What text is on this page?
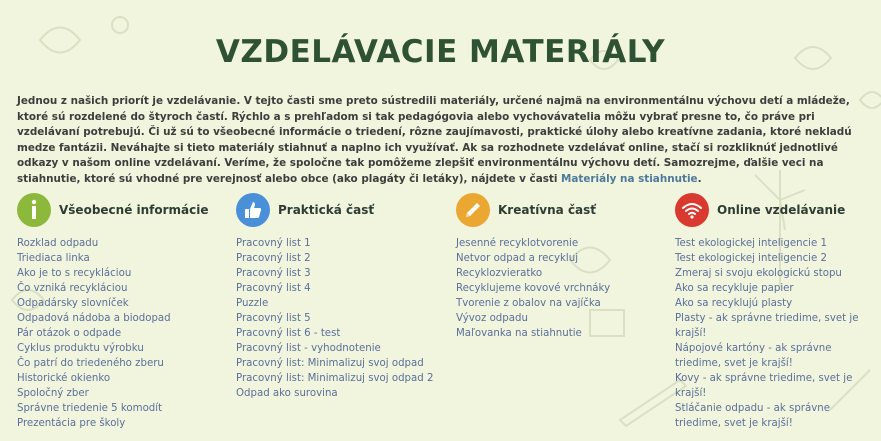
VZDELÁVACIE MATERIÁLY

Jednou z našich priorít je vzdelávanie. V tejto časti sme preto sústredili materiály, určené najmä na environmentálnu výchovu detí a mládeže, ktoré sú rozdelené do štyroch častí. Rýchlo a s prehľadom si tak pedagógovia alebo vychovávatelia môžu vybrať presne to, čo práve pri vzdelávaní potrebujú. Či už sú to všeobecné informácie o triedení, rôzne zaujímavosti, praktické úlohy alebo kreatívne zadania, ktoré nekladú medze fantázii. Neváhajte si tieto materiály stiahnuť a naplno ich využívať. Ak sa rozhodnete vzdelávať online, stačí si rozkliknúť jednotlivé odkazy v našom online vzdelávaní. Veríme, že spoločne tak pomôžeme zlepšiť environmentálnu výchovu detí. Samozrejme, ďalšie veci na stiahnutie, ktoré sú vhodné pre verejnosť alebo obce (ako plagáty či letáky), nájdete v časti Materiály na stiahnutie.

Všeobecné informácie
Rozklad odpadu
Triediaca linka
Ako je to s recykláciou
Čo vzniká recykláciou
Odpadársky slovníček
Odpadová nádoba a biodopad
Pár otázok o odpade
Cyklus produktu výrobku
Čo patrí do triedeného zberu
Historické okienko
Spoločný zber
Správne triedenie 5 komodít
Prezentácia pre školy
Praktická časť
Pracovný list 1
Pracovný list 2
Pracovný list 3
Pracovný list 4
Puzzle
Pracovný list 5
Pracovný list 6 - test
Pracovný list - vyhodnotenie
Pracovný list: Minimalizuj svoj odpad
Pracovný list: Minimalizuj svoj odpad 2
Odpad ako surovina
Kreatívna časť
Jesenné recyklotvorenie
Netvor odpad a recykluj
Recyklozvieratko
Recyklujeme kovové vrchnáky
Tvorenie z obalov na vajíčka
Vývoz odpadu
Maľovanka na stiahnutie
Online vzdelávanie
Test ekologickej inteligencie 1
Test ekologickej inteligencie 2
Zmeraj si svoju ekologickú stopu
Ako sa recykluje papier
Ako sa recyklujú plasty
Plasty - ak správne triedime, svet je krajší!
Nápojové kartóny - ak správne triedime, svet je krajší!
Kovy - ak správne triedime, svet je krajší!
Stláčanie odpadu - ak správne triedime, svet je krajší!
